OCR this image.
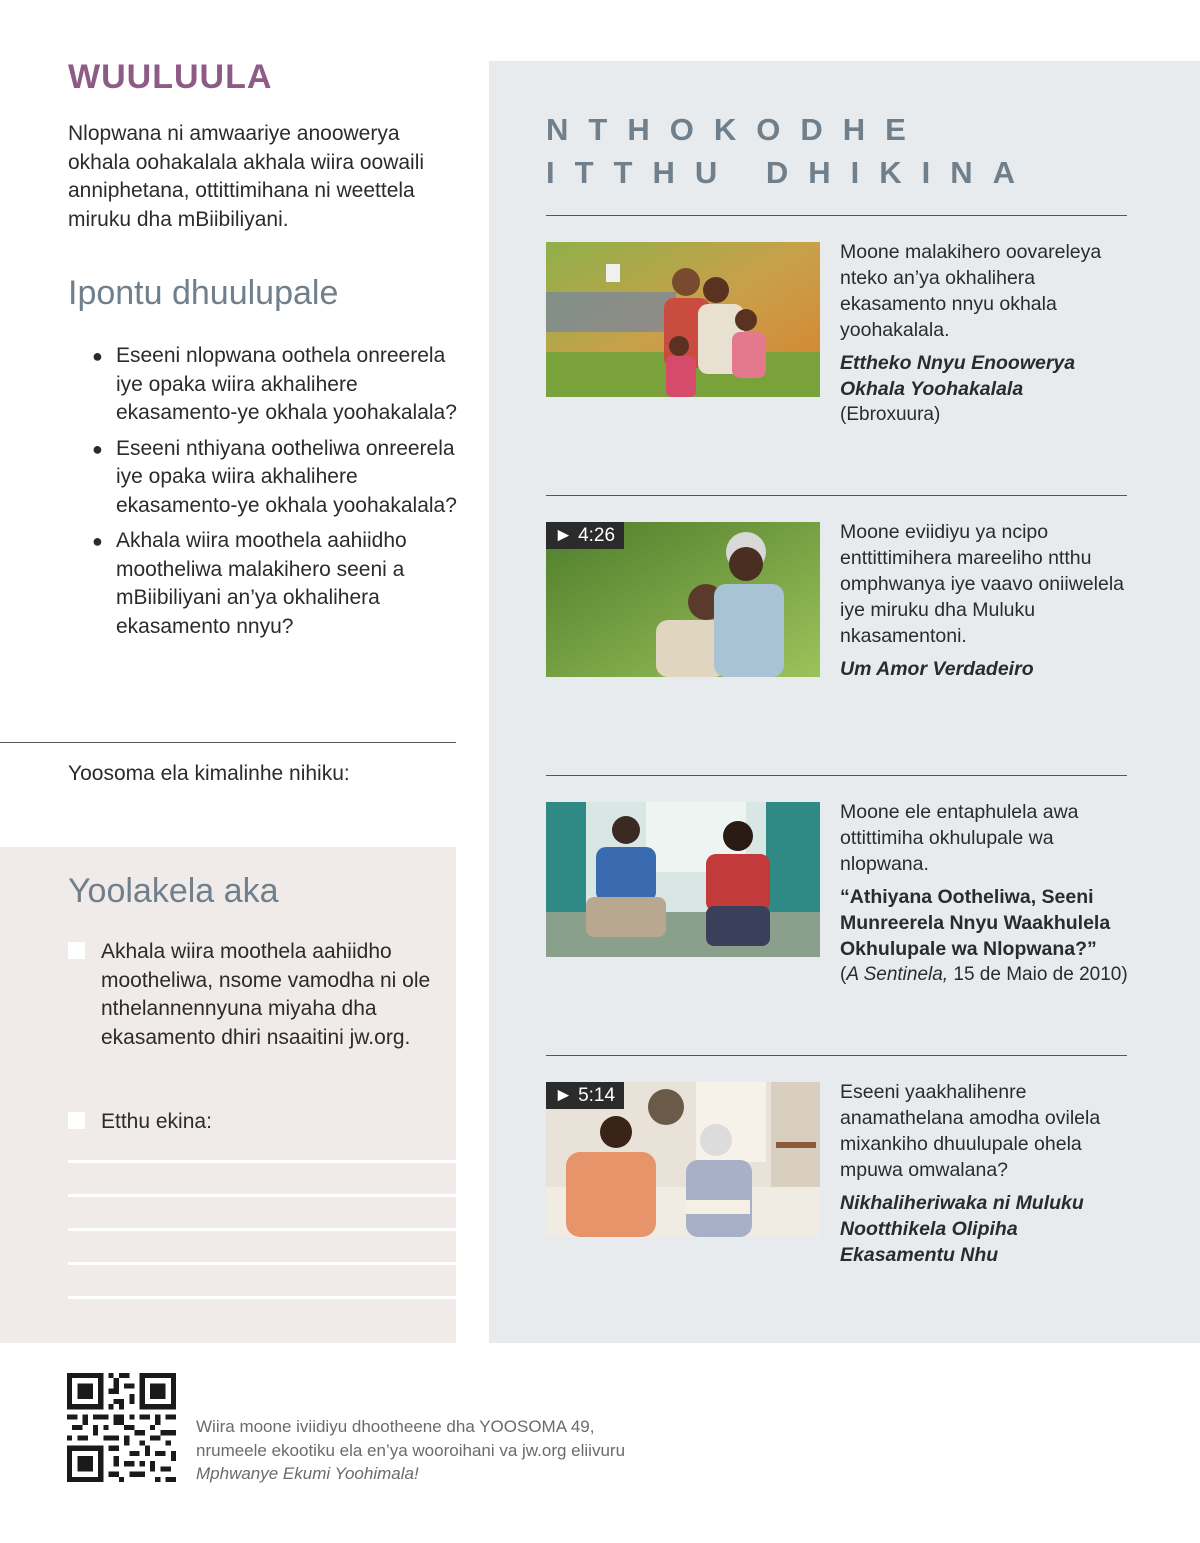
WUULUULA
Nlopwana ni amwaariye anoowerya okhala oohakalala akhala wiira oowaili anniphetana, ottittimihana ni weettela miruku dha mBiibiliyani.
Ipontu dhuulupale
● Eseeni nlopwana oothela onreerela iye opaka wiira akhalihere ekasamento-ye okhala yoohakalala?
● Eseeni nthiyana ootheliwa onreerela iye opaka wiira akhalihere ekasamento-ye okhala yoohakalala?
● Akhala wiira moothela aahiidho mootheliwa malakihero seeni a mBiibiliyani an’ya okhalihera ekasamento nnyu?
Yoosoma ela kimalinhe nihiku:
Yoolakela aka
Akhala wiira moothela aahiidho mootheliwa, nsome vamodha ni ole nthelannennyuna miyaha dha ekasamento dhiri nsaaitini jw.org.
Etthu ekina:
NTHOKODHE
ITTHU DHIKINA
Moone malakihero oovareleya nteko an’ya okhalihera ekasamento nnyu okhala yoohakalala.
Ettheko Nnyu Enoowerya Okhala Yoohakalala
(Ebroxuura)
► 4:26	Moone eviidiyu ya ncipo enttittimihera mareeliho ntthu omphwanya iye vaavo oniiwelela iye miruku dha Muluku nkasamentoni.
Um Amor Verdadeiro
Moone ele entaphulela awa ottittimiha okhulupale wa nlopwana.
“Athiyana Ootheliwa, Seeni Munreerela Nnyu Waakhulela Okhulupale wa Nlopwana?”
(A Sentinela, 15 de Maio de 2010)
► 5:14	Eseeni yaakhalihenre anamathelana amodha ovilela mixankiho dhuulupale ohela mpuwa omwalana?
Nikhaliheriwaka ni Muluku Nootthikela Olipiha Ekasamentu Nhu
Wiira moone iviidiyu dhootheene dha YOOSOMA 49, nrumeele ekootiku ela en’ya wooroihani va jw.org eliivuru Mphwanye Ekumi Yoohimala!
